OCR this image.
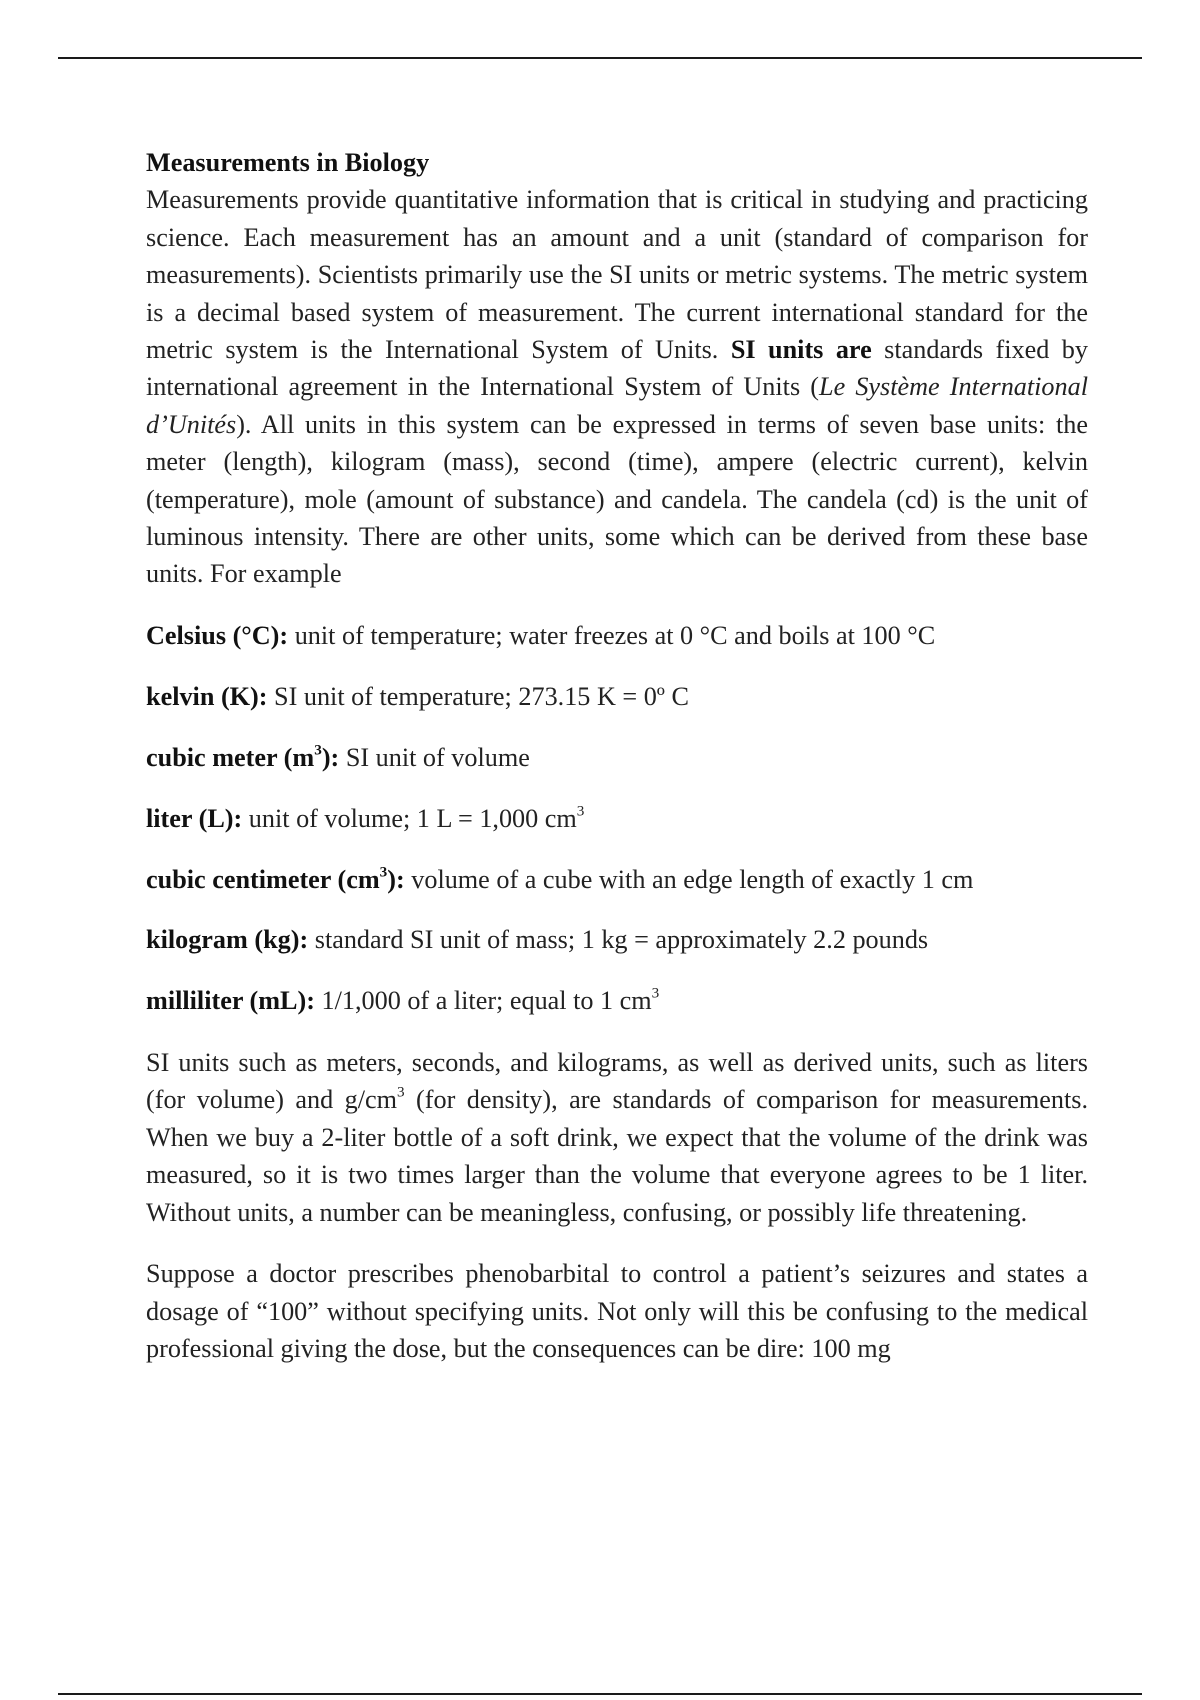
Measurements in Biology

Measurements provide quantitative information that is critical in studying and practicing science. Each measurement has an amount and a unit (standard of comparison for measurements). Scientists primarily use the SI units or metric systems. The metric system is a decimal based system of measurement. The current international standard for the metric system is the International System of Units. SI units are standards fixed by international agreement in the International System of Units (Le Système International d’Unités). All units in this system can be expressed in terms of seven base units: the meter (length), kilogram (mass), second (time), ampere (electric current), kelvin (temperature), mole (amount of substance) and candela. The candela (cd) is the unit of luminous intensity. There are other units, some which can be derived from these base units. For example

Celsius (°C): unit of temperature; water freezes at 0 °C and boils at 100 °C

kelvin (K): SI unit of temperature; 273.15 K = 0º C

cubic meter $(m^3)$: SI unit of volume

liter (L): unit of volume; 1 L = 1,000 $cm^3$

cubic centimeter $(cm^3)$: volume of a cube with an edge length of exactly 1 cm

kilogram (kg): standard SI unit of mass; 1 kg = approximately 2.2 pounds

milliliter (mL): 1/1,000 of a liter; equal to 1 $cm^3$

SI units such as meters, seconds, and kilograms, as well as derived units, such as liters (for volume) and $g/cm^3$ (for density), are standards of comparison for measurements. When we buy a 2-liter bottle of a soft drink, we expect that the volume of the drink was measured, so it is two times larger than the volume that everyone agrees to be 1 liter. Without units, a number can be meaningless, confusing, or possibly life threatening.

Suppose a doctor prescribes phenobarbital to control a patient’s seizures and states a dosage of “100” without specifying units. Not only will this be confusing to the medical professional giving the dose, but the consequences can be dire: 100 mg
